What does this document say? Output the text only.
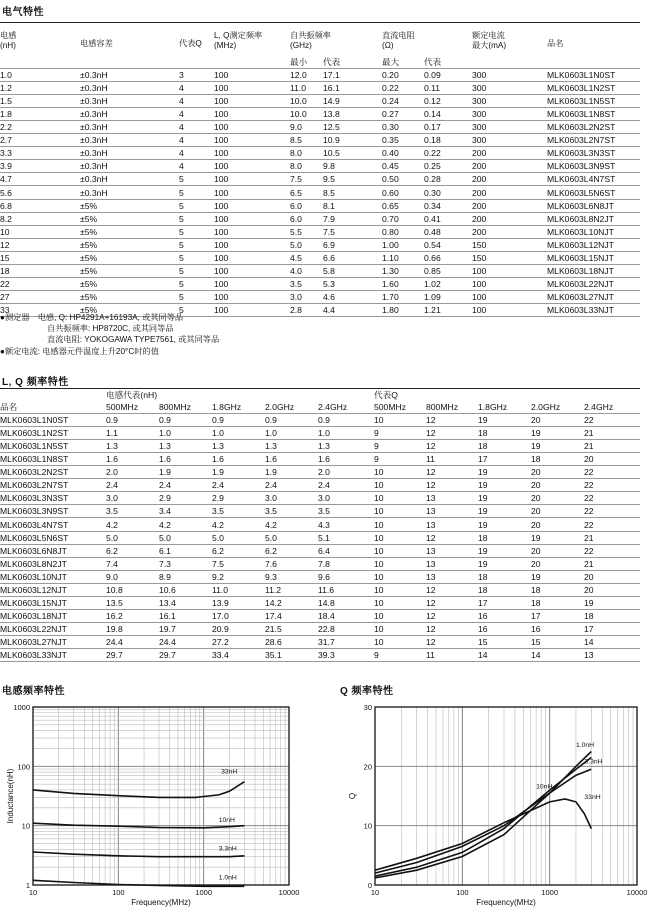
电气特性
电感
(nH)	电感容差	代表Q	L, Q测定频率
(MHz)	自共振频率
(GHz)		直流电阻
(Ω)		额定电流
最大(mA)	品名
				最小	代表	最大	代表		
1.0	±0.3nH	3	100	12.0	17.1	0.20	0.09	300	MLK0603L1N0ST
1.2	±0.3nH	4	100	11.0	16.1	0.22	0.11	300	MLK0603L1N2ST
1.5	±0.3nH	4	100	10.0	14.9	0.24	0.12	300	MLK0603L1N5ST
1.8	±0.3nH	4	100	10.0	13.8	0.27	0.14	300	MLK0603L1N8ST
2.2	±0.3nH	4	100	9.0	12.5	0.30	0.17	300	MLK0603L2N2ST
2.7	±0.3nH	4	100	8.5	10.9	0.35	0.18	300	MLK0603L2N7ST
3.3	±0.3nH	4	100	8.0	10.5	0.40	0.22	200	MLK0603L3N3ST
3.9	±0.3nH	4	100	8.0	9.8	0.45	0.25	200	MLK0603L3N9ST
4.7	±0.3nH	5	100	7.5	9.5	0.50	0.28	200	MLK0603L4N7ST
5.6	±0.3nH	5	100	6.5	8.5	0.60	0.30	200	MLK0603L5N6ST
6.8	±5%	5	100	6.0	8.1	0.65	0.34	200	MLK0603L6N8JT
8.2	±5%	5	100	6.0	7.9	0.70	0.41	200	MLK0603L8N2JT
10	±5%	5	100	5.5	7.5	0.80	0.48	200	MLK0603L10NJT
12	±5%	5	100	5.0	6.9	1.00	0.54	150	MLK0603L12NJT
15	±5%	5	100	4.5	6.6	1.10	0.66	150	MLK0603L15NJT
18	±5%	5	100	4.0	5.8	1.30	0.85	100	MLK0603L18NJT
22	±5%	5	100	3.5	5.3	1.60	1.02	100	MLK0603L22NJT
27	±5%	5	100	3.0	4.6	1.70	1.09	100	MLK0603L27NJT
33	±5%	5	100	2.8	4.4	1.80	1.21	100	MLK0603L33NJT
●测定器　电感, Q: HP4291A+16193A, 或其同等品
自共振频率: HP8720C, 或其同等品
直流电阻: YOKOGAWA TYPE7561, 或其同等品
●额定电流: 电感器元件温度上升20°C时的值
L, Q 频率特性
	电感代表(nH)					代表Q				
品名	500MHz	800MHz	1.8GHz	2.0GHz	2.4GHz	500MHz	800MHz	1.8GHz	2.0GHz	2.4GHz
MLK0603L1N0ST	0.9	0.9	0.9	0.9	0.9	10	12	19	20	22
MLK0603L1N2ST	1.1	1.0	1.0	1.0	1.0	9	12	18	19	21
MLK0603L1N5ST	1.3	1.3	1.3	1.3	1.3	9	12	18	19	21
MLK0603L1N8ST	1.6	1.6	1.6	1.6	1.6	9	11	17	18	20
MLK0603L2N2ST	2.0	1.9	1.9	1.9	2.0	10	12	19	20	22
MLK0603L2N7ST	2.4	2.4	2.4	2.4	2.4	10	12	19	20	22
MLK0603L3N3ST	3.0	2.9	2.9	3.0	3.0	10	13	19	20	22
MLK0603L3N9ST	3.5	3.4	3.5	3.5	3.5	10	13	19	20	22
MLK0603L4N7ST	4.2	4.2	4.2	4.2	4.3	10	13	19	20	22
MLK0603L5N6ST	5.0	5.0	5.0	5.0	5.1	10	12	18	19	21
MLK0603L6N8JT	6.2	6.1	6.2	6.2	6.4	10	13	19	20	22
MLK0603L8N2JT	7.4	7.3	7.5	7.6	7.8	10	13	19	20	21
MLK0603L10NJT	9.0	8.9	9.2	9.3	9.6	10	13	18	19	20
MLK0603L12NJT	10.8	10.6	11.0	11.2	11.6	10	12	18	18	20
MLK0603L15NJT	13.5	13.4	13.9	14.2	14.8	10	12	17	18	19
MLK0603L18NJT	16.2	16.1	17.0	17.4	18.4	10	12	16	17	18
MLK0603L22NJT	19.8	19.7	20.9	21.5	22.8	10	12	16	16	17
MLK0603L27NJT	24.4	24.4	27.2	28.6	31.7	10	12	15	15	14
MLK0603L33NJT	29.7	29.7	33.4	35.1	39.3	9	11	14	14	13
电感频率特性	Q 频率特性
10	100	1000	10000
1
10
100
1000
Frequency(MHz)
Inductance(nH)	33nH
10nH
3.3nH
1.0nH
10	100	1000	10000
0
10
20
30
Frequency(MHz)
Q
1.0nH
3.3nH
10nH
33nH
